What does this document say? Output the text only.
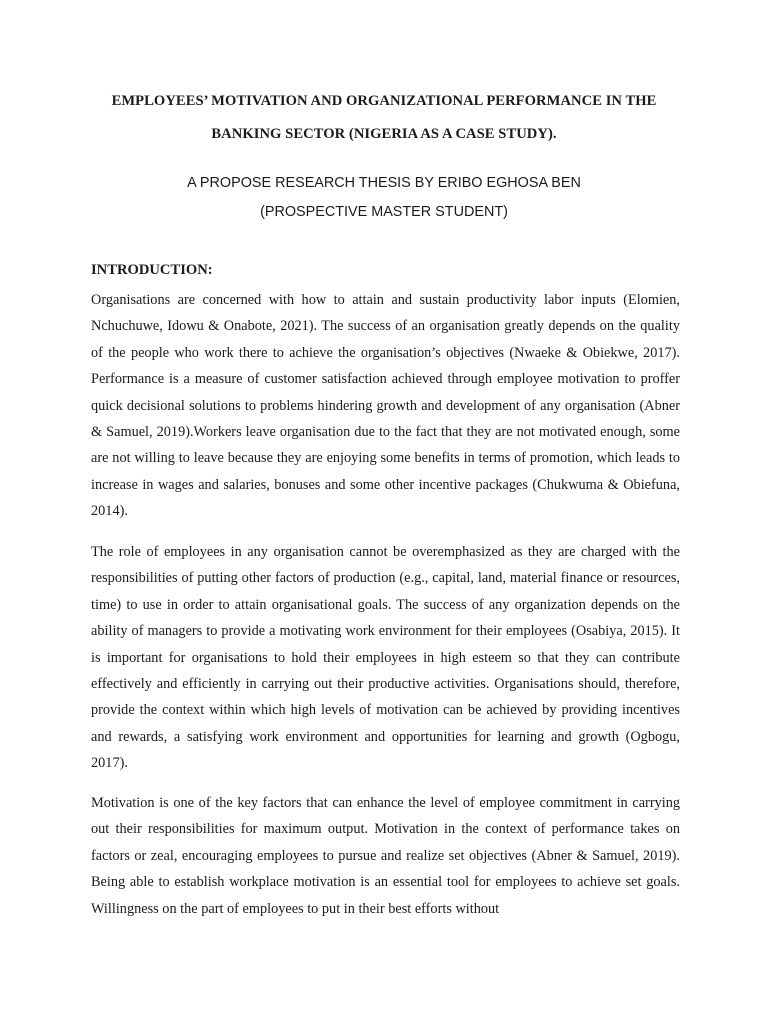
EMPLOYEES’ MOTIVATION AND ORGANIZATIONAL PERFORMANCE IN THE
BANKING SECTOR (NIGERIA AS A CASE STUDY).
A PROPOSE RESEARCH THESIS BY ERIBO EGHOSA BEN
(PROSPECTIVE MASTER STUDENT)
INTRODUCTION:
Organisations are concerned with how to attain and sustain productivity labor inputs (Elomien, Nchuchuwe, Idowu & Onabote, 2021). The success of an organisation greatly depends on the quality of the people who work there to achieve the organisation’s objectives (Nwaeke & Obiekwe, 2017). Performance is a measure of customer satisfaction achieved through employee motivation to proffer quick decisional solutions to problems hindering growth and development of any organisation (Abner & Samuel, 2019).Workers leave organisation due to the fact that they are not motivated enough, some are not willing to leave because they are enjoying some benefits in terms of promotion, which leads to increase in wages and salaries, bonuses and some other incentive packages (Chukwuma & Obiefuna, 2014).
The role of employees in any organisation cannot be overemphasized as they are charged with the responsibilities of putting other factors of production (e.g., capital, land, material finance or resources, time) to use in order to attain organisational goals. The success of any organization depends on the ability of managers to provide a motivating work environment for their employees (Osabiya, 2015). It is important for organisations to hold their employees in high esteem so that they can contribute effectively and efficiently in carrying out their productive activities. Organisations should, therefore, provide the context within which high levels of motivation can be achieved by providing incentives and rewards, a satisfying work environment and opportunities for learning and growth (Ogbogu, 2017).
Motivation is one of the key factors that can enhance the level of employee commitment in carrying out their responsibilities for maximum output. Motivation in the context of performance takes on factors or zeal, encouraging employees to pursue and realize set objectives (Abner & Samuel, 2019). Being able to establish workplace motivation is an essential tool for employees to achieve set goals. Willingness on the part of employees to put in their best efforts without
